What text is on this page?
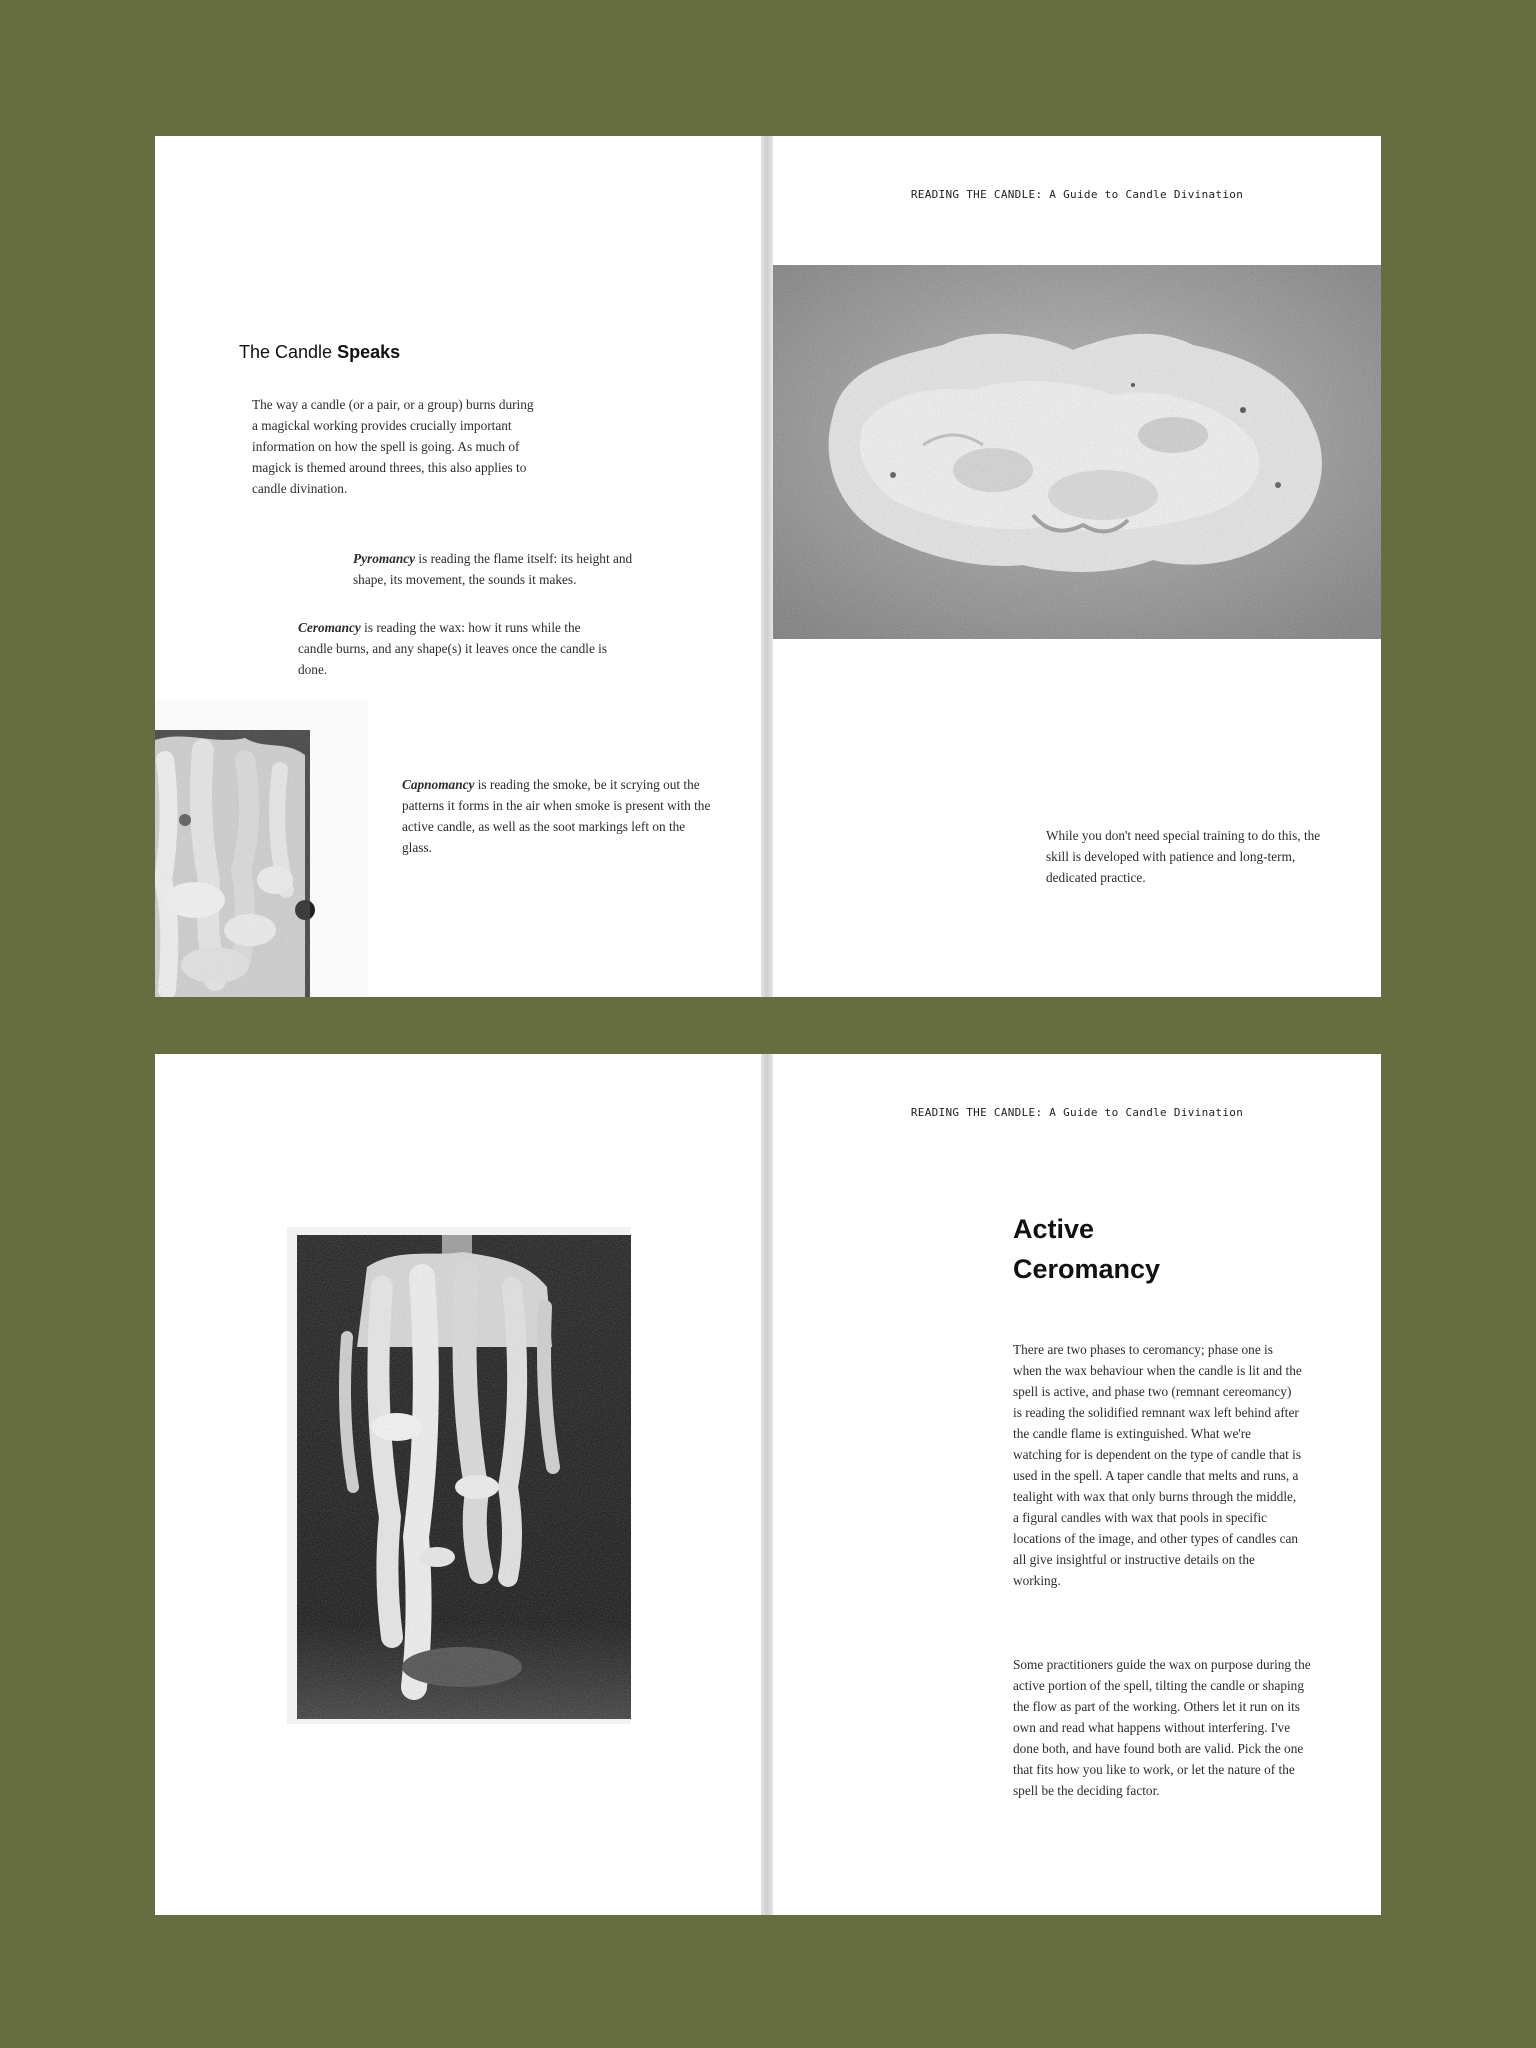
The Candle Speaks
The way a candle (or a pair, or a group) burns during a magickal working provides crucially important information on how the spell is going. As much of magick is themed around threes, this also applies to candle divination.
Pyromancy is reading the flame itself: its height and shape, its movement, the sounds it makes.
Ceromancy is reading the wax: how it runs while the candle burns, and any shape(s) it leaves once the candle is done.
Capnomancy is reading the smoke, be it scrying out the patterns it forms in the air when smoke is present with the active candle, as well as the soot markings left on the glass.
READING THE CANDLE: A Guide to Candle Divination
While you don't need special training to do this, the skill is developed with patience and long-term, dedicated practice.
READING THE CANDLE: A Guide to Candle Divination
Active
Ceromancy
There are two phases to ceromancy; phase one is when the wax behaviour when the candle is lit and the spell is active, and phase two (remnant cereomancy) is reading the solidified remnant wax left behind after the candle flame is extinguished. What we're watching for is dependent on the type of candle that is used in the spell. A taper candle that melts and runs, a tealight with wax that only burns through the middle, a figural candles with wax that pools in specific locations of the image, and other types of candles can all give insightful or instructive details on the working.
Some practitioners guide the wax on purpose during the active portion of the spell, tilting the candle or shaping the flow as part of the working. Others let it run on its own and read what happens without interfering. I've done both, and have found both are valid. Pick the one that fits how you like to work, or let the nature of the spell be the deciding factor.
